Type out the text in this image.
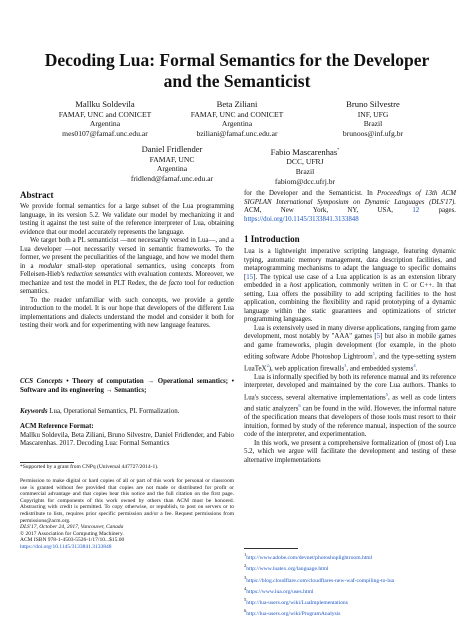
Decoding Lua: Formal Semantics for the Developer
and the Semanticist
Mallku Soldevila
FAMAF, UNC and CONICET
Argentina
mes0107@famaf.unc.edu.ar
Beta Ziliani
FAMAF, UNC and CONICET
Argentina
bziliani@famaf.unc.edu.ar
Bruno Silvestre
INF, UFG
Brazil
brunoos@inf.ufg.br
Daniel Fridlender
FAMAF, UNC
Argentina
fridlend@famaf.unc.edu.ar
Fabio Mascarenhas*
DCC, UFRJ
Brazil
fabiom@dcc.ufrj.br
Abstract

We provide formal semantics for a large subset of the Lua programming language, in its version 5.2. We validate our model by mechanizing it and testing it against the test suite of the reference interpreter of Lua, obtaining evidence that our model accurately represents the language.

We target both a PL semanticist —not necessarily versed in Lua—, and a Lua developer —not necessarily versed in semantic frameworks. To the former, we present the peculiarities of the language, and how we model them in a modular small-step operational semantics, using concepts from Felleisen-Hieb's reduction semantics with evaluation contexts. Moreover, we mechanize and test the model in PLT Redex, the de facto tool for reduction semantics.

To the reader unfamiliar with such concepts, we provide a gentle introduction to the model. It is our hope that developers of the different Lua implementations and dialects understand the model and consider it both for testing their work and for experimenting with new language features.

CCS Concepts • Theory of computation → Operational semantics; • Software and its engineering → Semantics;

Keywords Lua, Operational Semantics, PL Formalization.

ACM Reference Format:

Mallku Soldevila, Beta Ziliani, Bruno Silvestre, Daniel Fridlender, and Fabio Mascarenhas. 2017. Decoding Lua: Formal Semantics

*Supported by a grant from CNPq (Universal 447727/2014-1).
Permission to make digital or hard copies of all or part of this work for personal or classroom use is granted without fee provided that copies are not made or distributed for profit or commercial advantage and that copies bear this notice and the full citation on the first page. Copyrights for components of this work owned by others than ACM must be honored. Abstracting with credit is permitted. To copy otherwise, or republish, to post on servers or to redistribute to lists, requires prior specific permission and/or a fee. Request permissions from permissions@acm.org.
DLS'17, October 24, 2017, Vancouver, Canada
© 2017 Association for Computing Machinery.
ACM ISBN 978-1-4503-5526-1/17/10...$15.00
https://doi.org/10.1145/3133841.3133848

for the Developer and the Semanticist. In Proceedings of 13th ACM SIGPLAN International Symposium on Dynamic Languages (DLS'17). ACM, New York, NY, USA, 12 pages. https://doi.org/10.1145/3133841.3133848

1 Introduction

Lua is a lightweight imperative scripting language, featuring dynamic typing, automatic memory management, data description facilities, and metaprogramming mechanisms to adapt the language to specific domains [15]. The typical use case of a Lua application is as an extension library embedded in a host application, commonly written in C or C++. In that setting, Lua offers the possibility to add scripting facilities to the host application, combining the flexibility and rapid prototyping of a dynamic language within the static guarantees and optimizations of stricter programming languages.

Lua is extensively used in many diverse applications, ranging from game development, most notably by "AAA" games [5] but also in mobile games and game frameworks, plugin development (for example, in the photo editing software Adobe Photoshop Lightroom$^1$, and the type-setting system LuaTeX$^2$), web application firewalls$^3$, and embedded systems$^4$.

Lua is informally specified by both its reference manual and its reference interpreter, developed and maintained by the core Lua authors. Thanks to Lua's success, several alternative implementations$^5$, as well as code linters and static analyzers$^6$ can be found in the wild. However, the informal nature of the specification means that developers of those tools must resort to their intuition, formed by study of the reference manual, inspection of the source code of the interpreter, and experimentation.

In this work, we present a comprehensive formalization of (most of) Lua 5.2, which we argue will facilitate the development and testing of these alternative implementations

$^1$http://www.adobe.com/devnet/photoshoplightroom.html
$^2$http://www.luatex.org/language.html
$^3$https://blog.cloudflare.com/cloudflares-new-waf-compiling-to-lua
$^4$https://www.lua.org/uses.html
$^5$http://lua-users.org/wiki/LuaImplementations
$^6$http://lua-users.org/wiki/ProgramAnalysis
